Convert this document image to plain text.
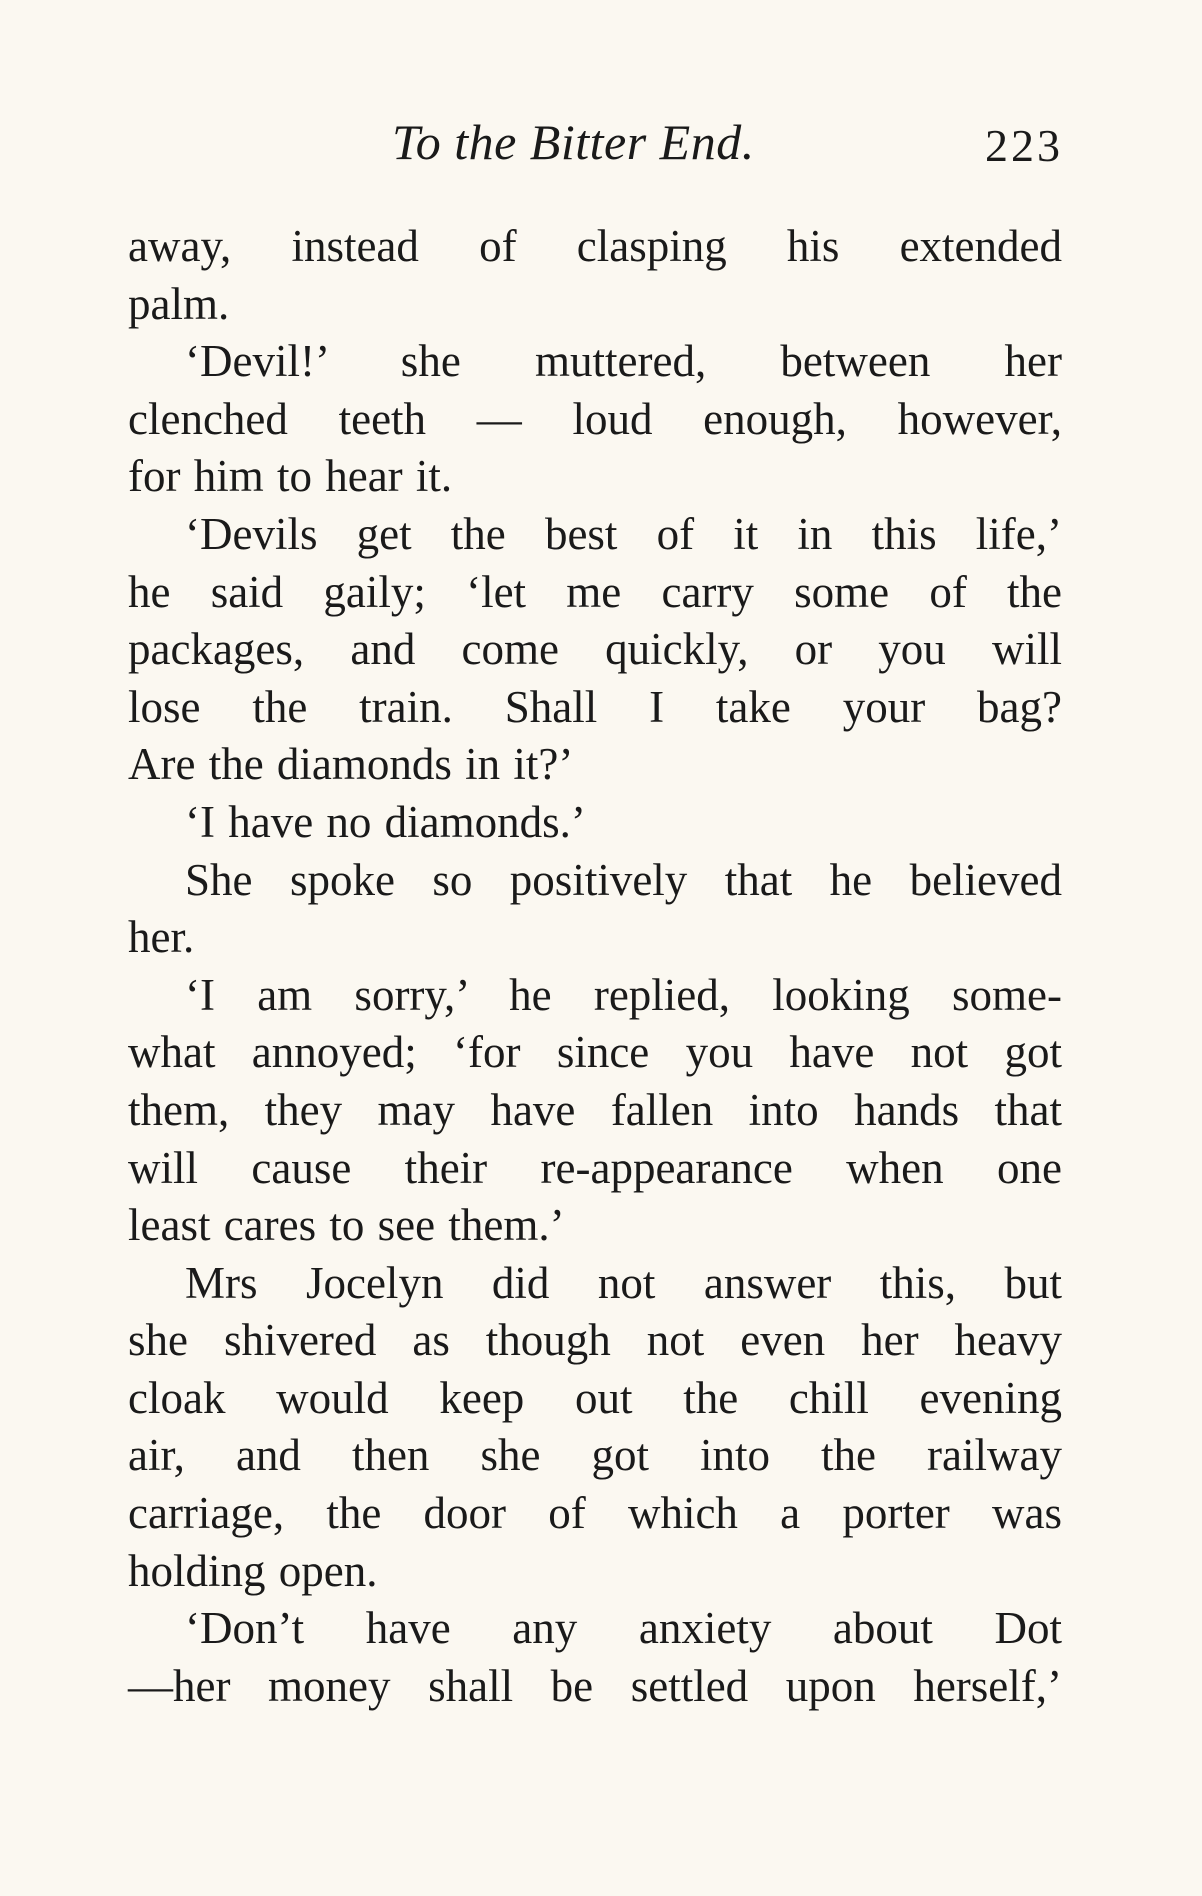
To the Bitter End.	223
away, instead of clasping his extended
palm.
‘Devil!’ she muttered, between her
clenched teeth — loud enough, however,
for him to hear it.
‘Devils get the best of it in this life,’
he said gaily; ‘let me carry some of the
packages, and come quickly, or you will
lose the train. Shall I take your bag?
Are the diamonds in it?’
‘I have no diamonds.’
She spoke so positively that he believed
her.
‘I am sorry,’ he replied, looking some-
what annoyed; ‘for since you have not got
them, they may have fallen into hands that
will cause their re-appearance when one
least cares to see them.’
Mrs Jocelyn did not answer this, but
she shivered as though not even her heavy
cloak would keep out the chill evening
air, and then she got into the railway
carriage, the door of which a porter was
holding open.
‘Don’t have any anxiety about Dot
—her money shall be settled upon herself,’
